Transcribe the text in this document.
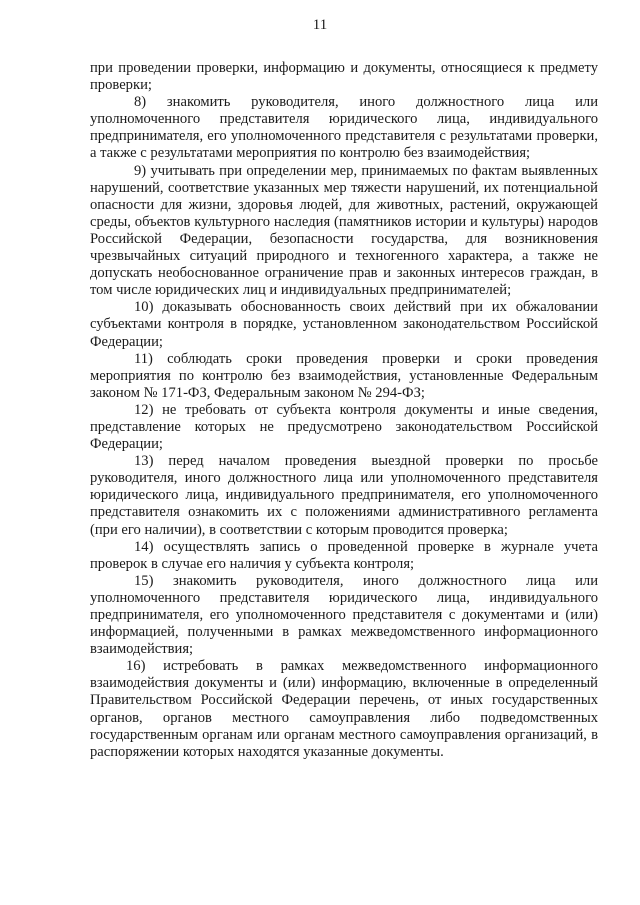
11

при проведении проверки, информацию и документы, относящиеся к предмету проверки;

8) знакомить руководителя, иного должностного лица или уполномоченного представителя юридического лица, индивидуального предпринимателя, его уполномоченного представителя с результатами проверки, а также с результатами мероприятия по контролю без взаимодействия;

9) учитывать при определении мер, принимаемых по фактам выявленных нарушений, соответствие указанных мер тяжести нарушений, их потенциальной опасности для жизни, здоровья людей, для животных, растений, окружающей среды, объектов культурного наследия (памятников истории и культуры) народов Российской Федерации, безопасности государства, для возникновения чрезвычайных ситуаций природного и техногенного характера, а также не допускать необоснованное ограничение прав и законных интересов граждан, в том числе юридических лиц и индивидуальных предпринимателей;

10) доказывать обоснованность своих действий при их обжаловании субъектами контроля в порядке, установленном законодательством Российской Федерации;

11) соблюдать сроки проведения проверки и сроки проведения мероприятия по контролю без взаимодействия, установленные Федеральным законом № 171-ФЗ, Федеральным законом № 294-ФЗ;

12) не требовать от субъекта контроля документы и иные сведения, представление которых не предусмотрено законодательством Российской Федерации;

13) перед началом проведения выездной проверки по просьбе руководителя, иного должностного лица или уполномоченного представителя юридического лица, индивидуального предпринимателя, его уполномоченного представителя ознакомить их с положениями административного регламента (при его наличии), в соответствии с которым проводится проверка;

14) осуществлять запись о проведенной проверке в журнале учета проверок в случае его наличия у субъекта контроля;

15) знакомить руководителя, иного должностного лица или уполномоченного представителя юридического лица, индивидуального предпринимателя, его уполномоченного представителя с документами и (или) информацией, полученными в рамках межведомственного информационного взаимодействия;

16) истребовать в рамках межведомственного информационного взаимодействия документы и (или) информацию, включенные в определенный Правительством Российской Федерации перечень, от иных государственных органов, органов местного самоуправления либо подведомственных государственным органам или органам местного самоуправления организаций, в распоряжении которых находятся указанные документы.
